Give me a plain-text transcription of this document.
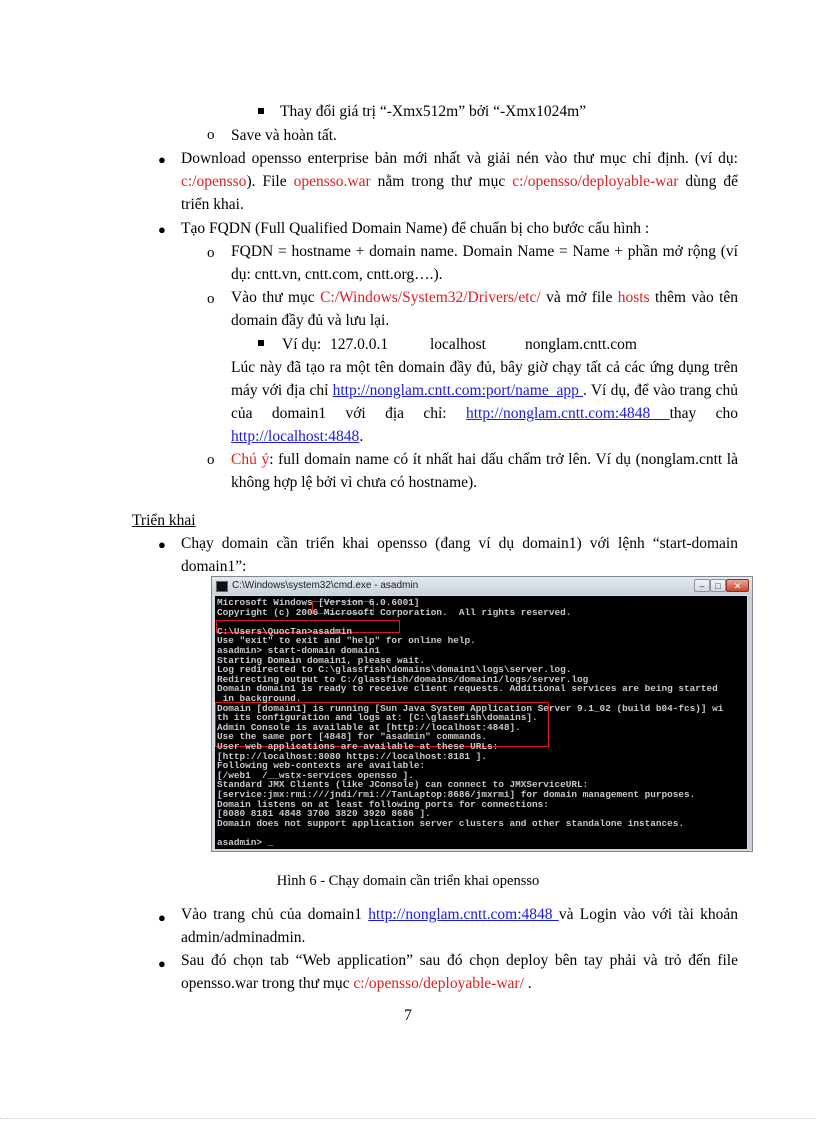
Thay đổi giá trị “-Xmx512m” bởi “-Xmx1024m”
o Save và hoàn tất.
● Download opensso enterprise bản mới nhất và giải nén vào thư mục chỉ định. (ví dụ: c:/opensso). File opensso.war nằm trong thư mục c:/opensso/deployable-war dùng để triển khai.
● Tạo FQDN (Full Qualified Domain Name) để chuẩn bị cho bước cấu hình :
o FQDN = hostname + domain name. Domain Name = Name + phần mở rộng (ví dụ: cntt.vn, cntt.com, cntt.org….).
o Vào thư mục C:/Windows/System32/Drivers/etc/ và mở file hosts thêm vào tên domain đầy đủ và lưu lại.
Ví dụ: 127.0.0.1	localhost	nonglam.cntt.com
Lúc này đã tạo ra một tên domain đầy đủ, bây giờ chạy tất cả các ứng dụng trên máy với địa chỉ http://nonglam.cntt.com:port/name_app . Ví dụ, để vào trang chủ của domain1 với địa chỉ: http://nonglam.cntt.com:4848 thay cho http://localhost:4848.
o Chú ý: full domain name có ít nhất hai dấu chấm trở lên. Ví dụ (nonglam.cntt là không hợp lệ bởi vì chưa có hostname).
Triển khai
● Chạy domain cần triển khai opensso (đang ví dụ domain1) với lệnh “start-domain domain1”:
C:\Windows\system32\cmd.exe - asadmin	–	□	✕
Microsoft Windows [Version 6.0.6001]
Copyright (c) 2006 Microsoft Corporation.  All rights reserved.
C:\Users\QuocTan>asadmin
Use "exit" to exit and "help" for online help.
asadmin> start-domain domain1
Starting Domain domain1, please wait.
Log redirected to C:\glassfish\domains\domain1\logs\server.log.
Redirecting output to C:/glassfish/domains/domain1/logs/server.log
Domain domain1 is ready to receive client requests. Additional services are being started
in background.
Domain [domain1] is running [Sun Java System Application Server 9.1_02 (build b04-fcs)] wi
th its configuration and logs at: [C:\glassfish\domains].
Admin Console is available at [http://localhost:4848].
Use the same port [4848] for "asadmin" commands.
User web applications are available at these URLs:
[http://localhost:8080 https://localhost:8181 ].
Following web-contexts are available:
[/web1  /__wstx-services opensso ].
Standard JMX Clients (like JConsole) can connect to JMXServiceURL:
[service:jmx:rmi:///jndi/rmi://TanLaptop:8686/jmxrmi] for domain management purposes.
Domain listens on at least following ports for connections:
[8080 8181 4848 3700 3820 3920 8686 ].
Domain does not support application server clusters and other standalone instances.
asadmin> _
Hình 6 - Chạy domain cần triển khai opensso
● Vào trang chủ của domain1 http://nonglam.cntt.com:4848 và Login vào với tài khoản admin/adminadmin.
● Sau đó chọn tab “Web application” sau đó chọn deploy bên tay phải và trỏ đến file opensso.war trong thư mục c:/opensso/deployable-war/ .
7
